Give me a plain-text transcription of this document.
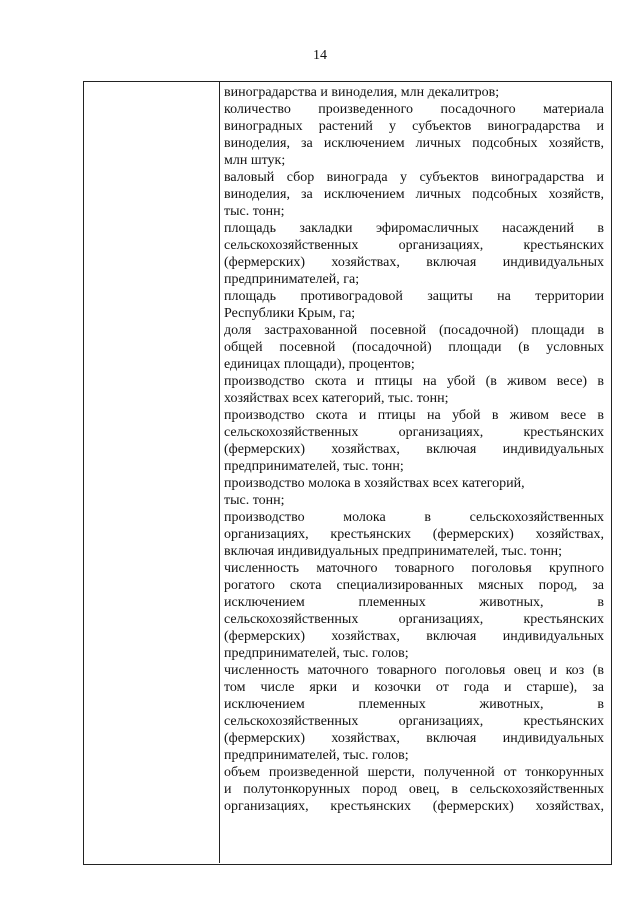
14
виноградарства и виноделия, млн декалитров;
количество произведенного посадочного материала
виноградных растений у субъектов виноградарства и
виноделия, за исключением личных подсобных хозяйств,
млн штук;
валовый сбор винограда у субъектов виноградарства и
виноделия, за исключением личных подсобных хозяйств,
тыс. тонн;
площадь закладки эфиромасличных насаждений в
сельскохозяйственных организациях, крестьянских
(фермерских) хозяйствах, включая индивидуальных
предпринимателей, га;
площадь противоградовой защиты на территории
Республики Крым, га;
доля застрахованной посевной (посадочной) площади в
общей посевной (посадочной) площади (в условных
единицах площади), процентов;
производство скота и птицы на убой (в живом весе) в
хозяйствах всех категорий, тыс. тонн;
производство скота и птицы на убой в живом весе в
сельскохозяйственных организациях, крестьянских
(фермерских) хозяйствах, включая индивидуальных
предпринимателей, тыс. тонн;
производство молока в хозяйствах всех категорий,
тыс. тонн;
производство молока в сельскохозяйственных
организациях, крестьянских (фермерских) хозяйствах,
включая индивидуальных предпринимателей, тыс. тонн;
численность маточного товарного поголовья крупного
рогатого скота специализированных мясных пород, за
исключением племенных животных, в
сельскохозяйственных организациях, крестьянских
(фермерских) хозяйствах, включая индивидуальных
предпринимателей, тыс. голов;
численность маточного товарного поголовья овец и коз (в
том числе ярки и козочки от года и старше), за
исключением племенных животных, в
сельскохозяйственных организациях, крестьянских
(фермерских) хозяйствах, включая индивидуальных
предпринимателей, тыс. голов;
объем произведенной шерсти, полученной от тонкорунных
и полутонкорунных пород овец, в сельскохозяйственных
организациях, крестьянских (фермерских) хозяйствах,
